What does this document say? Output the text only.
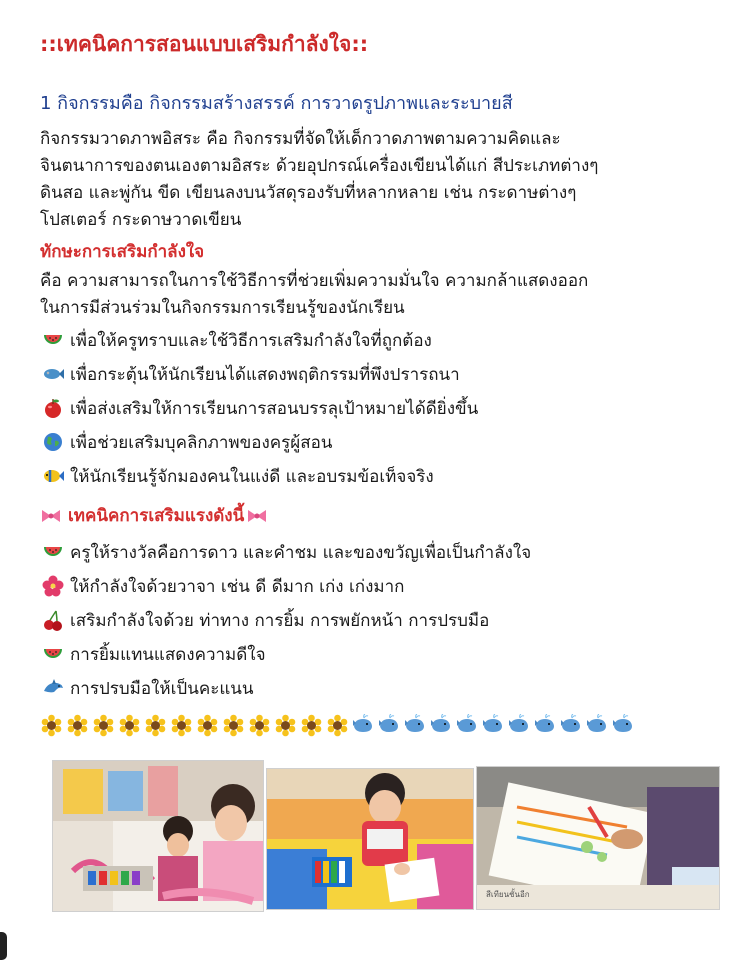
::เทคนิคการสอนแบบเสริมกำลังใจ::
1 กิจกรรมคือ กิจกรรมสร้างสรรค์ การวาดรูปภาพและระบายสี
กิจกรรมวาดภาพอิสระ คือ กิจกรรมที่จัดให้เด็กวาดภาพตามความคิดและ
จินตนาการของตนเองตามอิสระ ด้วยอุปกรณ์เครื่องเขียนได้แก่ สีประเภทต่างๆ
ดินสอ และพู่กัน ขีด เขียนลงบนวัสดุรองรับที่หลากหลาย เช่น กระดาษต่างๆ
โปสเตอร์ กระดาษวาดเขียน
ทักษะการเสริมกำลังใจ
คือ ความสามารถในการใช้วิธีการที่ช่วยเพิ่มความมั่นใจ ความกล้าแสดงออก
ในการมีส่วนร่วมในกิจกรรมการเรียนรู้ของนักเรียน
เพื่อให้ครูทราบและใช้วิธีการเสริมกำลังใจที่ถูกต้อง
เพื่อกระตุ้นให้นักเรียนได้แสดงพฤติกรรมที่พึงปรารถนา
เพื่อส่งเสริมให้การเรียนการสอนบรรลุเป้าหมายได้ดียิ่งขึ้น
เพื่อช่วยเสริมบุคลิกภาพของครูผู้สอน
ให้นักเรียนรู้จักมองคนในแง่ดี และอบรมข้อเท็จจริง
เทคนิคการเสริมแรงดังนี้
ครูให้รางวัลคือการดาว และคำชม และของขวัญเพื่อเป็นกำลังใจ
ให้กำลังใจด้วยวาจา เช่น ดี ดีมาก เก่ง เก่งมาก
เสริมกำลังใจด้วย ท่าทาง การยิ้ม การพยักหน้า การปรบมือ
การยิ้มแทนแสดงความดีใจ
การปรบมือให้เป็นคะแนน
สีเทียนชั้นอีก
